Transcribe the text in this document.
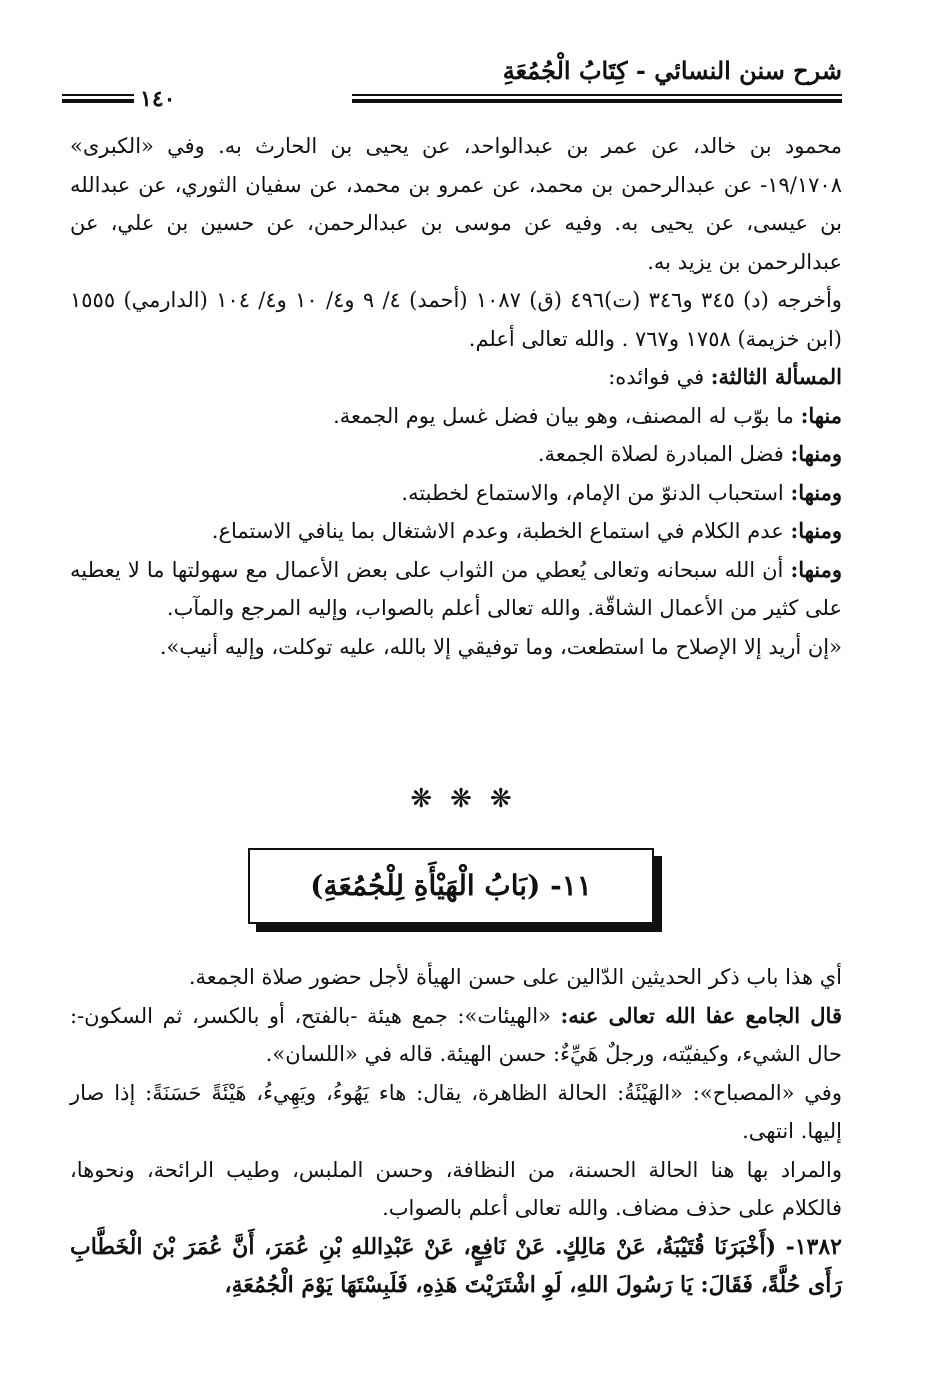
شرح سنن النسائي - كِتَابُ الْجُمُعَةِ
١٤٠

محمود بن خالد، عن عمر بن عبدالواحد، عن يحيى بن الحارث به. وفي «الكبرى» ١٩/١٧٠٨- عن عبدالرحمن بن محمد، عن عمرو بن محمد، عن سفيان الثوري، عن عبدالله بن عيسى، عن يحيى به. وفيه عن موسى بن عبدالرحمن، عن حسين بن علي، عن عبدالرحمن بن يزيد به.

وأخرجه (د) ٣٤٥ و٣٤٦ (ت)٤٩٦ (ق) ١٠٨٧ (أحمد) ٤/ ٩ و٤/ ١٠ و٤/ ١٠٤ (الدارمي) ١٥٥٥ (ابن خزيمة) ١٧٥٨ و٧٦٧ . والله تعالى أعلم.

المسألة الثالثة: في فوائده:

منها: ما بوّب له المصنف، وهو بيان فضل غسل يوم الجمعة.

ومنها: فضل المبادرة لصلاة الجمعة.

ومنها: استحباب الدنوّ من الإمام، والاستماع لخطبته.

ومنها: عدم الكلام في استماع الخطبة، وعدم الاشتغال بما ينافي الاستماع.

ومنها: أن الله سبحانه وتعالى يُعطي من الثواب على بعض الأعمال مع سهولتها ما لا يعطيه على كثير من الأعمال الشاقّة. والله تعالى أعلم بالصواب، وإليه المرجع والمآب.

«إن أريد إلا الإصلاح ما استطعت، وما توفيقي إلا بالله، عليه توكلت، وإليه أنيب».

❋❋❋
١١- (بَابُ الْهَيْأَةِ لِلْجُمُعَةِ)

أي هذا باب ذكر الحديثين الدّالين على حسن الهيأة لأجل حضور صلاة الجمعة.

قال الجامع عفا الله تعالى عنه: «الهيئات»: جمع هيئة -بالفتح، أو بالكسر، ثم السكون-: حال الشيء، وكيفيّته، ورجلٌ هَيِّءٌ: حسن الهيئة. قاله في «اللسان».

وفي «المصباح»: «الهَيْئَةُ: الحالة الظاهرة، يقال: هاء يَهُوءُ، ويَهِيءُ، هَيْئَةً حَسَنَةً: إذا صار إليها. انتهى.

والمراد بها هنا الحالة الحسنة، من النظافة، وحسن الملبس، وطيب الرائحة، ونحوها، فالكلام على حذف مضاف. والله تعالى أعلم بالصواب.

١٣٨٢- (أَخْبَرَنَا قُتَيْبَةُ، عَنْ مَالِكٍ. عَنْ نَافِعٍ، عَنْ عَبْدِاللهِ بْنِ عُمَرَ، أَنَّ عُمَرَ بْنَ الْخَطَّابِ رَأَى حُلَّةً، فَقَالَ: يَا رَسُولَ اللهِ، لَوِ اشْتَرَيْتَ هَذِهِ، فَلَبِسْتَهَا يَوْمَ الْجُمُعَةِ،
